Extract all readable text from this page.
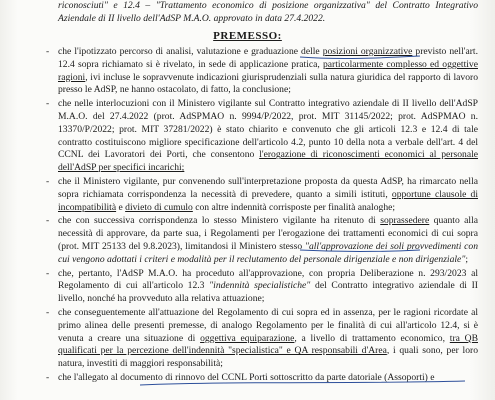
riconosciuti" e 12.4 – "Trattamento economico di posizione organizzativa" del Contratto Integrativo Aziendale di II livello dell'AdSP M.A.O. approvato in data 27.4.2022.
PREMESSO:
- che l'ipotizzato percorso di analisi, valutazione e graduazione delle posizioni organizzative previsto nell'art. 12.4 sopra richiamato si è rivelato, in sede di applicazione pratica, particolarmente complesso ed oggettive ragioni, ivi incluse le sopravvenute indicazioni giurisprudenziali sulla natura giuridica del rapporto di lavoro presso le AdSP, ne hanno ostacolato, di fatto, la conclusione;
- che nelle interlocuzioni con il Ministero vigilante sul Contratto integrativo aziendale di II livello dell'AdSP M.A.O. del 27.4.2022 (prot. AdSPMAO n. 9994/P/2022, prot. MIT 31145/2022; prot. AdSPMAO n. 13370/P/2022; prot. MIT 37281/2022) è stato chiarito e convenuto che gli articoli 12.3 e 12.4 di tale contratto costituiscono migliore specificazione dell'articolo 4.2, punto 10 della nota a verbale dell'art. 4 del CCNL dei Lavoratori dei Porti, che consentono l'erogazione di riconoscimenti economici al personale dell'AdSP per specifici incarichi;
- che il Ministero vigilante, pur convenendo sull'interpretazione proposta da questa AdSP, ha rimarcato nella sopra richiamata corrispondenza la necessità di prevedere, quanto a simili istituti, opportune clausole di incompatibilità e divieto di cumulo con altre indennità corrisposte per finalità analoghe;
- che con successiva corrispondenza lo stesso Ministero vigilante ha ritenuto di soprassedere quanto alla necessità di approvare, da parte sua, i Regolamenti per l'erogazione dei trattamenti economici di cui sopra (prot. MIT 25133 del 9.8.2023), limitandosi il Ministero stesso "all'approvazione dei soli provvedimenti con cui vengono adottati i criteri e modalità per il reclutamento del personale dirigenziale e non dirigenziale";
- che, pertanto, l'AdSP M.A.O. ha proceduto all'approvazione, con propria Deliberazione n. 293/2023 al Regolamento di cui all'articolo 12.3 "indennità specialistiche" del Contratto integrativo aziendale di II livello, nonché ha provveduto alla relativa attuazione;
- che conseguentemente all'attuazione del Regolamento di cui sopra ed in assenza, per le ragioni ricordate al primo alinea delle presenti premesse, di analogo Regolamento per le finalità di cui all'articolo 12.4, si è venuta a creare una situazione di oggettiva equiparazione, a livello di trattamento economico, tra QB qualificati per la percezione dell'indennità "specialistica" e QA responsabili d'Area, i quali sono, per loro natura, investiti di maggiori responsabilità;
- che l'allegato al documento di rinnovo del CCNL Porti sottoscritto da parte datoriale (Assoporti) e
